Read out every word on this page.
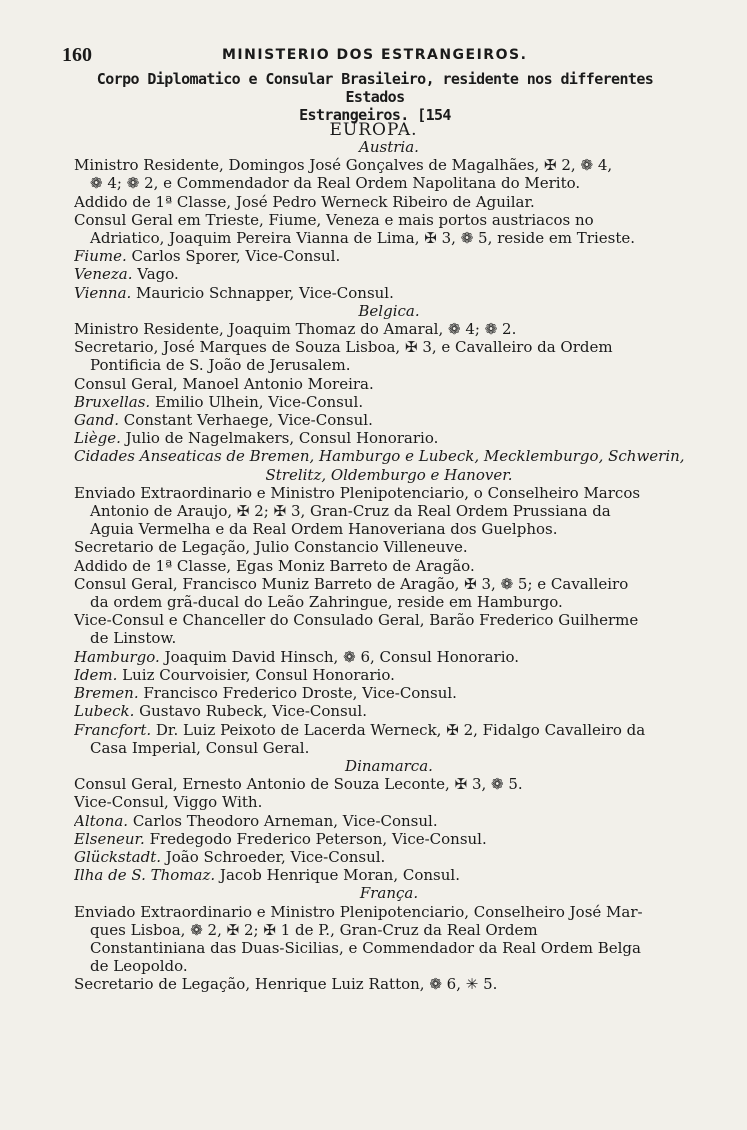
160	MINISTERIO DOS ESTRANGEIROS.
Corpo Diplomatico e Consular Brasileiro, residente nos differentes Estados
Estrangeiros. [154
EUROPA.
Austria.
Ministro Residente, Domingos José Gonçalves de Magalhães, ✠ 2, ❁ 4,
❁ 4; ❁ 2, e Commendador da Real Ordem Napolitana do Merito.
Addido de 1ª Classe, José Pedro Werneck Ribeiro de Aguilar.
Consul Geral em Trieste, Fiume, Veneza e mais portos austriacos no
Adriatico, Joaquim Pereira Vianna de Lima, ✠ 3, ❁ 5, reside em Trieste.
Fiume. Carlos Sporer, Vice-Consul.
Veneza. Vago.
Vienna. Mauricio Schnapper, Vice-Consul.
Belgica.
Ministro Residente, Joaquim Thomaz do Amaral, ❁ 4; ❁ 2.
Secretario, José Marques de Souza Lisboa, ✠ 3, e Cavalleiro da Ordem
Pontificia de S. João de Jerusalem.
Consul Geral, Manoel Antonio Moreira.
Bruxellas. Emilio Ulhein, Vice-Consul.
Gand. Constant Verhaege, Vice-Consul.
Liège. Julio de Nagelmakers, Consul Honorario.
Cidades Anseaticas de Bremen, Hamburgo e Lubeck, Mecklemburgo, Schwerin,
Strelitz, Oldemburgo e Hanover.
Enviado Extraordinario e Ministro Plenipotenciario, o Conselheiro Marcos
Antonio de Araujo, ✠ 2; ✠ 3, Gran-Cruz da Real Ordem Prussiana da
Aguia Vermelha e da Real Ordem Hanoveriana dos Guelphos.
Secretario de Legação, Julio Constancio Villeneuve.
Addido de 1ª Classe, Egas Moniz Barreto de Aragão.
Consul Geral, Francisco Muniz Barreto de Aragão, ✠ 3, ❁ 5; e Cavalleiro
da ordem grã-ducal do Leão Zahringue, reside em Hamburgo.
Vice-Consul e Chanceller do Consulado Geral, Barão Frederico Guilherme
de Linstow.
Hamburgo. Joaquim David Hinsch, ❁ 6, Consul Honorario.
Idem. Luiz Courvoisier, Consul Honorario.
Bremen. Francisco Frederico Droste, Vice-Consul.
Lubeck. Gustavo Rubeck, Vice-Consul.
Francfort. Dr. Luiz Peixoto de Lacerda Werneck, ✠ 2, Fidalgo Cavalleiro da
Casa Imperial, Consul Geral.
Dinamarca.
Consul Geral, Ernesto Antonio de Souza Leconte, ✠ 3, ❁ 5.
Vice-Consul, Viggo With.
Altona. Carlos Theodoro Arneman, Vice-Consul.
Elseneur. Fredegodo Frederico Peterson, Vice-Consul.
Glückstadt. João Schroeder, Vice-Consul.
Ilha de S. Thomaz. Jacob Henrique Moran, Consul.
França.
Enviado Extraordinario e Ministro Plenipotenciario, Conselheiro José Mar-
ques Lisboa, ❁ 2, ✠ 2; ✠ 1 de P., Gran-Cruz da Real Ordem
Constantiniana das Duas-Sicilias, e Commendador da Real Ordem Belga
de Leopoldo.
Secretario de Legação, Henrique Luiz Ratton, ❁ 6, ✳ 5.
